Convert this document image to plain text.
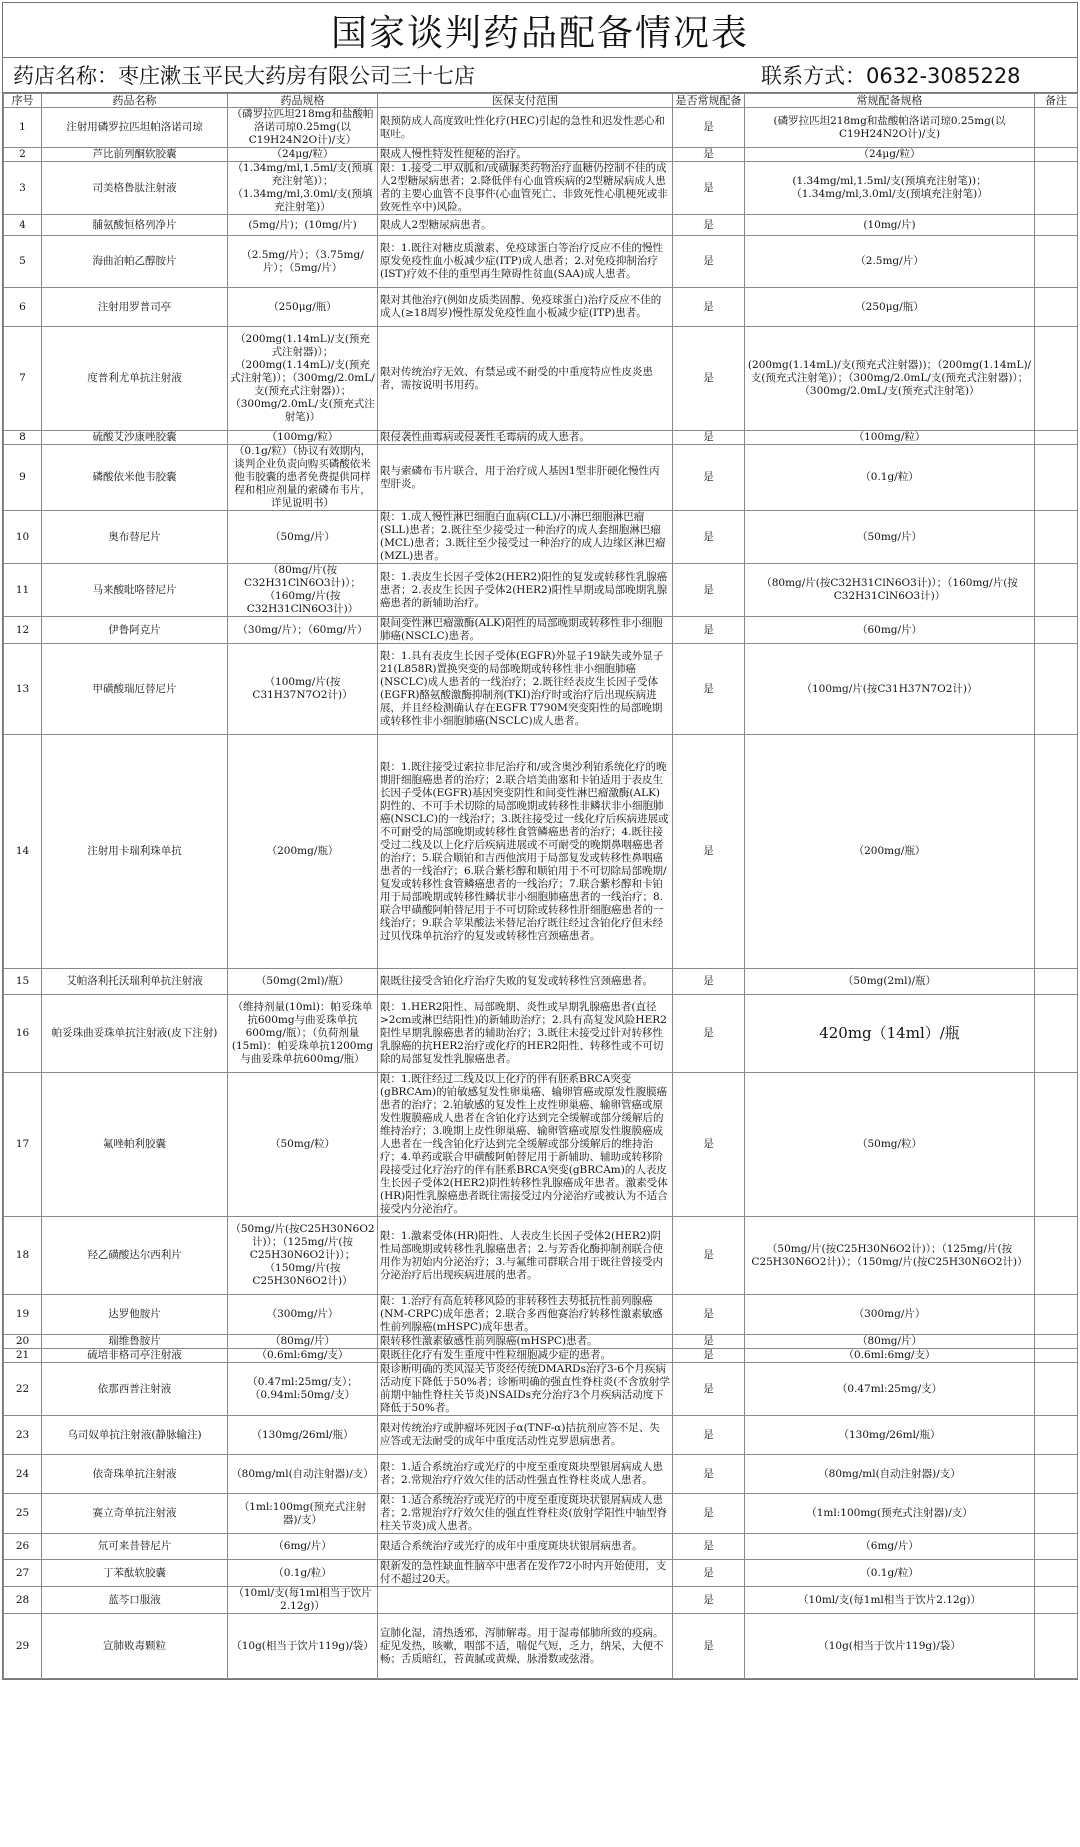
国家谈判药品配备情况表
药店名称：枣庄漱玉平民大药房有限公司三十七店	联系方式：0632-3085228
序号	药品名称	药品规格	医保支付范围	是否常规配备	常规配备规格	备注
1	注射用磷罗拉匹坦帕洛诺司琼	（磷罗拉匹坦218mg和盐酸帕洛诺司琼0.25mg(以C19H24N2O计)/支）	限预防成人高度致吐性化疗(HEC)引起的急性和迟发性恶心和呕吐。	是	(磷罗拉匹坦218mg和盐酸帕洛诺司琼0.25mg(以C19H24N2O计)/支)	
2	芦比前列酮软胶囊	（24μg/粒）	限成人慢性特发性便秘的治疗。	是	（24μg/粒）	
3	司美格鲁肽注射液	（1.34mg/ml,1.5ml/支(预填充注射笔)）；（1.34mg/ml,3.0ml/支(预填充注射笔)）	限：1.接受二甲双胍和/或磺脲类药物治疗血糖仍控制不佳的成人2型糖尿病患者；2.降低伴有心血管疾病的2型糖尿病成人患者的主要心血管不良事件(心血管死亡、非致死性心肌梗死或非致死性卒中)风险。	是	(1.34mg/ml,1.5ml/支(预填充注射笔))；（1.34mg/ml,3.0ml/支(预填充注射笔)）	
4	脯氨酸恒格列净片	(5mg/片)；(10mg/片)	限成人2型糖尿病患者。	是	(10mg/片)	
5	海曲泊帕乙醇胺片	（2.5mg/片）；（3.75mg/片）；（5mg/片）	限：1.既往对糖皮质激素、免疫球蛋白等治疗反应不佳的慢性原发免疫性血小板减少症(ITP)成人患者；2.对免疫抑制治疗(IST)疗效不佳的重型再生障碍性贫血(SAA)成人患者。	是	（2.5mg/片）	
6	注射用罗普司亭	（250μg/瓶）	限对其他治疗(例如皮质类固醇、免疫球蛋白)治疗反应不佳的成人(≥18周岁)慢性原发免疫性血小板减少症(ITP)患者。	是	（250μg/瓶）	
7	度普利尤单抗注射液	（200mg(1.14mL)/支(预充式注射器)）；（200mg(1.14mL)/支(预充式注射笔)）；（300mg/2.0mL/支(预充式注射器)）；（300mg/2.0mL/支(预充式注射笔)）	限对传统治疗无效、有禁忌或不耐受的中重度特应性皮炎患者，需按说明书用药。	是	(200mg(1.14mL)/支(预充式注射器))；（200mg(1.14mL)/支(预充式注射笔)）；（300mg/2.0mL/支(预充式注射器)）；（300mg/2.0mL/支(预充式注射笔)）	
8	硫酸艾沙康唑胶囊	（100mg/粒）	限侵袭性曲霉病或侵袭性毛霉病的成人患者。	是	（100mg/粒）	
9	磷酸依米他韦胶囊	（0.1g/粒）（协议有效期内，谈判企业负责向购买磷酸依米他韦胶囊的患者免费提供同样程和相应剂量的索磷布韦片，详见说明书）	限与索磷布韦片联合，用于治疗成人基因1型非肝硬化慢性丙型肝炎。	是	（0.1g/粒）	
10	奥布替尼片	（50mg/片）	限：1.成人慢性淋巴细胞白血病(CLL)/小淋巴细胞淋巴瘤(SLL)患者；2.既往至少接受过一种治疗的成人套细胞淋巴瘤(MCL)患者；3.既往至少接受过一种治疗的成人边缘区淋巴瘤(MZL)患者。	是	（50mg/片）	
11	马来酸吡咯替尼片	（80mg/片(按C32H31ClN6O3计)）；（160mg/片(按C32H31ClN6O3计)）	限：1.表皮生长因子受体2(HER2)阳性的复发或转移性乳腺癌患者；2.表皮生长因子受体2(HER2)阳性早期或局部晚期乳腺癌患者的新辅助治疗。	是	（80mg/片(按C32H31ClN6O3计)）；（160mg/片(按C32H31ClN6O3计)）	
12	伊鲁阿克片	（30mg/片）；（60mg/片）	限间变性淋巴瘤激酶(ALK)阳性的局部晚期或转移性非小细胞肺癌(NSCLC)患者。	是	（60mg/片）	
13	甲磺酸瑞厄替尼片	（100mg/片(按C31H37N7O2计)）	限：1.具有表皮生长因子受体(EGFR)外显子19缺失或外显子21(L858R)置换突变的局部晚期或转移性非小细胞肺癌(NSCLC)成人患者的一线治疗；2.既往经表皮生长因子受体(EGFR)酪氨酸激酶抑制剂(TKI)治疗时或治疗后出现疾病进展，并且经检测确认存在EGFR T790M突变阳性的局部晚期或转移性非小细胞肺癌(NSCLC)成人患者。	是	（100mg/片(按C31H37N7O2计)）	
14	注射用卡瑞利珠单抗	（200mg/瓶）	限：1.既往接受过索拉非尼治疗和/或含奥沙利铂系统化疗的晚期肝细胞癌患者的治疗；2.联合培美曲塞和卡铂适用于表皮生长因子受体(EGFR)基因突变阴性和间变性淋巴瘤激酶(ALK)阴性的、不可手术切除的局部晚期或转移性非鳞状非小细胞肺癌(NSCLC)的一线治疗；3.既往接受过一线化疗后疾病进展或不可耐受的局部晚期或转移性食管鳞癌患者的治疗；4.既往接受过二线及以上化疗后疾病进展或不可耐受的晚期鼻咽癌患者的治疗；5.联合顺铂和吉西他滨用于局部复发或转移性鼻咽癌患者的一线治疗；6.联合紫杉醇和顺铂用于不可切除局部晚期/复发或转移性食管鳞癌患者的一线治疗；7.联合紫杉醇和卡铂用于局部晚期或转移性鳞状非小细胞肺癌患者的一线治疗；8.联合甲磺酸阿帕替尼用于不可切除或转移性肝细胞癌患者的一线治疗；9.联合苹果酸法米替尼治疗既往经过含铂化疗但未经过贝伐珠单抗治疗的复发或转移性宫颈癌患者。	是	（200mg/瓶）	
15	艾帕洛利托沃瑞利单抗注射液	（50mg(2ml)/瓶）	限既往接受含铂化疗治疗失败的复发或转移性宫颈癌患者。	是	（50mg(2ml)/瓶）	
16	帕妥珠曲妥珠单抗注射液(皮下注射)	（维持剂量(10ml)：帕妥珠单抗600mg与曲妥珠单抗600mg/瓶）；（负荷剂量(15ml)：帕妥珠单抗1200mg与曲妥珠单抗600mg/瓶）	限：1.HER2阳性、局部晚期、炎性或早期乳腺癌患者(直径>2cm或淋巴结阳性)的新辅助治疗；2.具有高复发风险HER2阳性早期乳腺癌患者的辅助治疗；3.既往未接受过针对转移性乳腺癌的抗HER2治疗或化疗的HER2阳性、转移性或不可切除的局部复发性乳腺癌患者。	是	420mg（14ml）/瓶	
17	氟唑帕利胶囊	（50mg/粒）	限：1.既往经过二线及以上化疗的伴有胚系BRCA突变(gBRCAm)的铂敏感复发性卵巢癌、输卵管癌或原发性腹膜癌患者的治疗；2.铂敏感的复发性上皮性卵巢癌、输卵管癌或原发性腹膜癌成人患者在含铂化疗达到完全缓解或部分缓解后的维持治疗；3.晚期上皮性卵巢癌、输卵管癌或原发性腹膜癌成人患者在一线含铂化疗达到完全缓解或部分缓解后的维持治疗；4.单药或联合甲磺酸阿帕替尼用于新辅助、辅助或转移阶段接受过化疗治疗的伴有胚系BRCA突变(gBRCAm)的人表皮生长因子受体2(HER2)阴性转移性乳腺癌成年患者。激素受体(HR)阳性乳腺癌患者既往需接受过内分泌治疗或被认为不适合接受内分泌治疗。	是	（50mg/粒）	
18	羟乙磺酸达尔西利片	（50mg/片(按C25H30N6O2计)）；（125mg/片(按C25H30N6O2计)）；（150mg/片(按C25H30N6O2计)）	限：1.激素受体(HR)阳性、人表皮生长因子受体2(HER2)阴性局部晚期或转移性乳腺癌患者；2.与芳香化酶抑制剂联合使用作为初始内分泌治疗；3.与氟维司群联合用于既往曾接受内分泌治疗后出现疾病进展的患者。	是	（50mg/片(按C25H30N6O2计)）；（125mg/片(按C25H30N6O2计)）；（150mg/片(按C25H30N6O2计)）	
19	达罗他胺片	（300mg/片）	限：1.治疗有高危转移风险的非转移性去势抵抗性前列腺癌(NM-CRPC)成年患者；2.联合多西他赛治疗转移性激素敏感性前列腺癌(mHSPC)成年患者。	是	（300mg/片）	
20	瑞维鲁胺片	（80mg/片）	限转移性激素敏感性前列腺癌(mHSPC)患者。	是	（80mg/片）	
21	硫培非格司亭注射液	（0.6ml:6mg/支）	限既往化疗有发生重度中性粒细胞减少症的患者。	是	（0.6ml:6mg/支）	
22	依那西普注射液	（0.47ml:25mg/支）；（0.94ml:50mg/支）	限诊断明确的类风湿关节炎经传统DMARDs治疗3-6个月疾病活动度下降低于50%者；诊断明确的强直性脊柱炎(不含放射学前期中轴性脊柱关节炎)NSAIDs充分治疗3个月疾病活动度下降低于50%者。	是	（0.47ml:25mg/支）	
23	乌司奴单抗注射液(静脉输注)	（130mg/26ml/瓶）	限对传统治疗或肿瘤坏死因子α(TNF-α)拮抗剂应答不足、失应答或无法耐受的成年中重度活动性克罗恩病患者。	是	（130mg/26ml/瓶）	
24	依奇珠单抗注射液	（80mg/ml(自动注射器)/支）	限：1.适合系统治疗或光疗的中度至重度斑块型银屑病成人患者；2.常规治疗疗效欠佳的活动性强直性脊柱炎成人患者。	是	（80mg/ml(自动注射器)/支）	
25	赛立奇单抗注射液	（1ml:100mg(预充式注射器)/支）	限：1.适合系统治疗或光疗的中度至重度斑块状银屑病成人患者；2.常规治疗疗效欠佳的强直性脊柱炎(放射学阳性中轴型脊柱关节炎)成人患者。	是	（1ml:100mg(预充式注射器)/支）	
26	氘可来昔替尼片	（6mg/片）	限适合系统治疗或光疗的成年中重度斑块状银屑病患者。	是	（6mg/片）	
27	丁苯酞软胶囊	（0.1g/粒）	限新发的急性缺血性脑卒中患者在发作72小时内开始使用，支付不超过20天。	是	（0.1g/粒）	
28	蓝芩口服液	（10ml/支(每1ml相当于饮片2.12g)）		是	（10ml/支(每1ml相当于饮片2.12g)）	
29	宣肺败毒颗粒	（10g(相当于饮片119g)/袋）	宣肺化湿，清热透邪，泻肺解毒。用于湿毒郁肺所致的疫病。症见发热，咳嗽，咽部不适，喘促气短，乏力，纳呆，大便不畅；舌质暗红，苔黄腻或黄燥，脉滑数或弦滑。	是	（10g(相当于饮片119g)/袋）	
